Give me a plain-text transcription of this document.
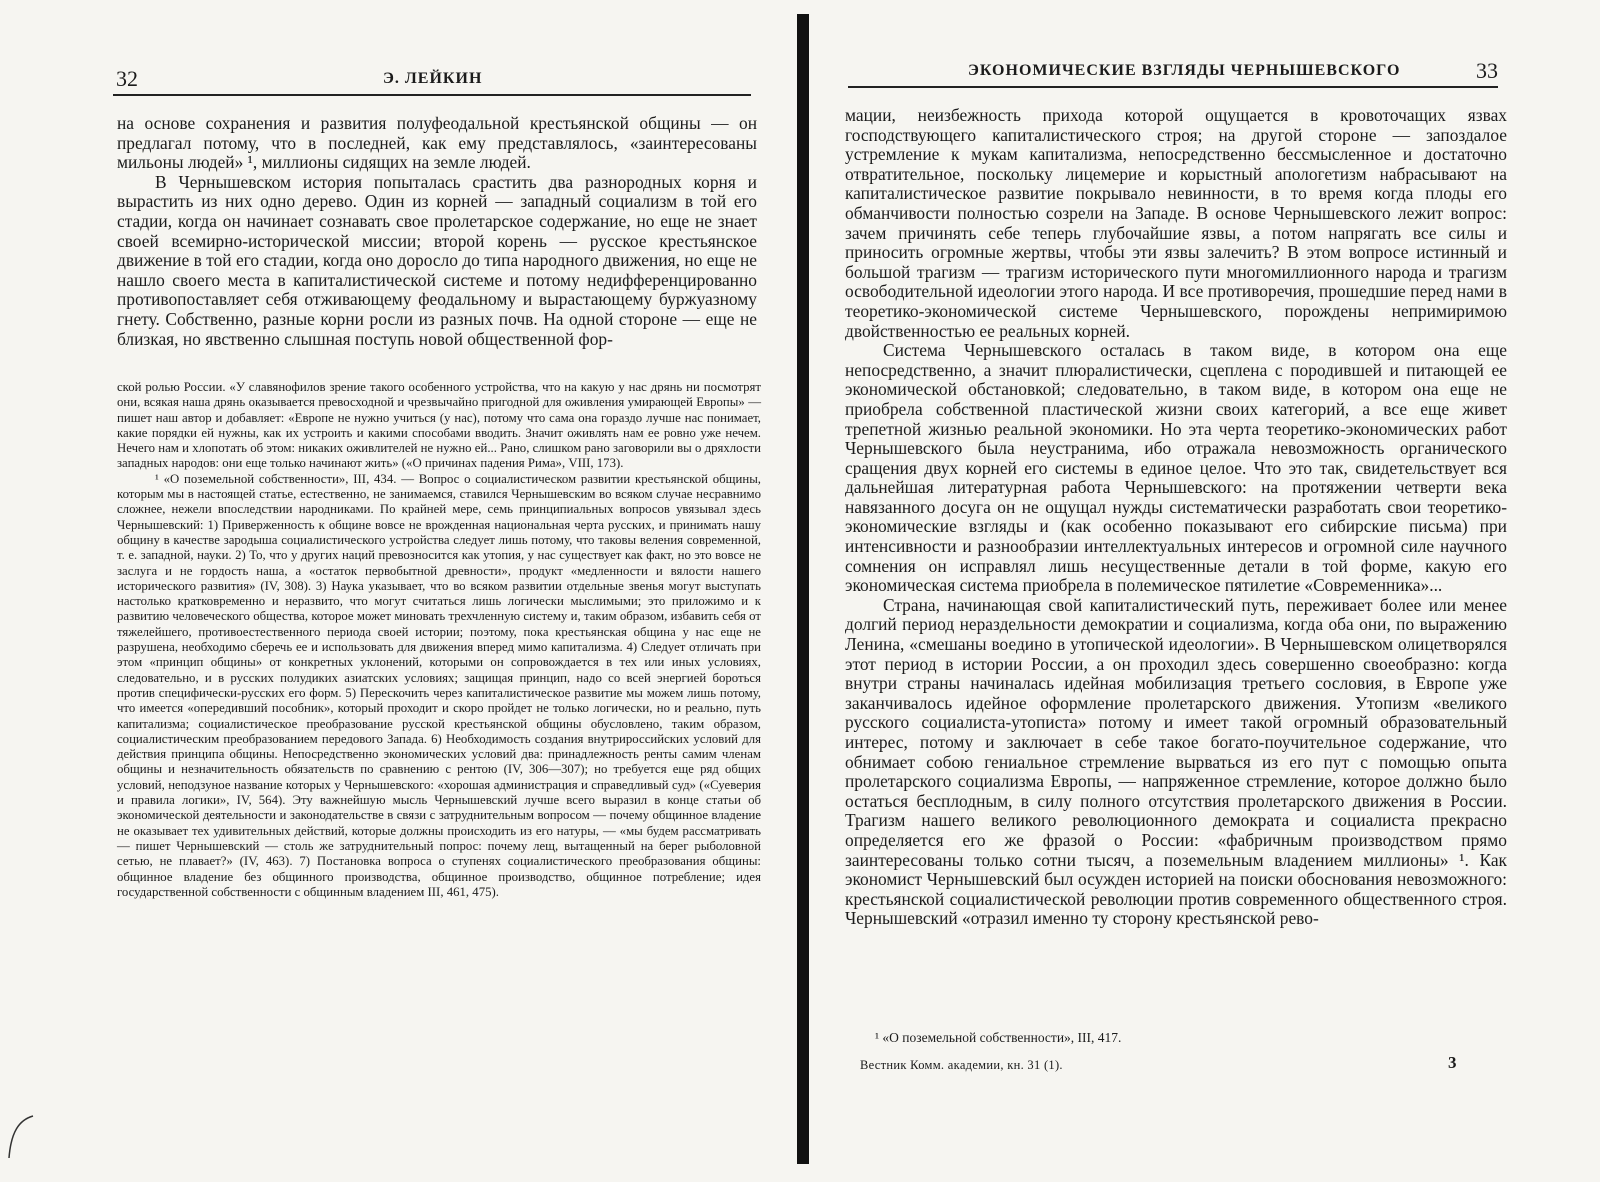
32	Э. ЛЕЙКИН

на основе сохранения и развития полуфеодальной крестьянской общины — он предлагал потому, что в последней, как ему представлялось, «заинтересованы мильоны людей» ¹, миллионы сидящих на земле людей.

В Чернышевском история попыталась срастить два разнородных корня и вырастить из них одно дерево. Один из корней — западный социализм в той его стадии, когда он начинает сознавать свое пролетарское содержание, но еще не знает своей всемирно-исторической миссии; второй корень — русское крестьянское движение в той его стадии, когда оно доросло до типа народного движения, но еще не нашло своего места в капиталистической системе и потому недифференцированно противопоставляет себя отживающему феодальному и вырастающему буржуазному гнету. Собственно, разные корни росли из разных почв. На одной стороне — еще не близкая, но явственно слышная поступь новой общественной фор-

ской ролью России. «У славянофилов зрение такого особенного устройства, что на какую у нас дрянь ни посмотрят они, всякая наша дрянь оказывается превосходной и чрезвычайно пригодной для оживления умирающей Европы» — пишет наш автор и добавляет: «Европе не нужно учиться (у нас), потому что сама она гораздо лучше нас понимает, какие порядки ей нужны, как их устроить и какими способами вводить. Значит оживлять нам ее ровно уже нечем. Нечего нам и хлопотать об этом: никаких оживлителей не нужно ей... Рано, слишком рано заговорили вы о дряхлости западных народов: они еще только начинают жить» («О причинах падения Рима», VIII, 173).

¹ «О поземельной собственности», III, 434. — Вопрос о социалистическом развитии крестьянской общины, которым мы в настоящей статье, естественно, не занимаемся, ставился Чернышевским во всяком случае несравнимо сложнее, нежели впоследствии народниками. По крайней мере, семь принципиальных вопросов увязывал здесь Чернышевский: 1) Приверженность к общине вовсе не врожденная национальная черта русских, и принимать нашу общину в качестве зародыша социалистического устройства следует лишь потому, что таковы веления современной, т. е. западной, науки. 2) То, что у других наций превозносится как утопия, у нас существует как факт, но это вовсе не заслуга и не гордость наша, а «остаток первобытной древности», продукт «медленности и вялости нашего исторического развития» (IV, 308). 3) Наука указывает, что во всяком развитии отдельные звенья могут выступать настолько кратковременно и неразвито, что могут считаться лишь логически мыслимыми; это приложимо и к развитию человеческого общества, которое может миновать трехчленную систему и, таким образом, избавить себя от тяжелейшего, противоестественного периода своей истории; поэтому, пока крестьянская община у нас еще не разрушена, необходимо сберечь ее и использовать для движения вперед мимо капитализма. 4) Следует отличать при этом «принцип общины» от конкретных уклонений, которыми он сопровождается в тех или иных условиях, следовательно, и в русских полудиких азиатских условиях; защищая принцип, надо со всей энергией бороться против специфически-русских его форм. 5) Перескочить через капиталистическое развитие мы можем лишь потому, что имеется «опередивший пособник», который проходит и скоро пройдет не только логически, но и реально, путь капитализма; социалистическое преобразование русской крестьянской общины обусловлено, таким образом, социалистическим преобразованием передового Запада. 6) Необходимость создания внутрироссийских условий для действия принципа общины. Непосредственно экономических условий два: принадлежность ренты самим членам общины и незначительность обязательств по сравнению с рентою (IV, 306—307); но требуется еще ряд общих условий, неподзуное название которых у Чернышевского: «хорошая администрация и справедливый суд» («Суеверия и правила логики», IV, 564). Эту важнейшую мысль Чернышевский лучше всего выразил в конце статьи об экономической деятельности и законодательстве в связи с затруднительным вопросом — почему общинное владение не оказывает тех удивительных действий, которые должны происходить из его натуры, — «мы будем рассматривать — пишет Чернышевский — столь же затруднительный попрос: почему лещ, вытащенный на берег рыболовной сетью, не плавает?» (IV, 463). 7) Постановка вопроса о ступенях социалистического преобразования общины: общинное владение без общинного производства, общинное производство, общинное потребление; идея государственной собственности с общинным владением III, 461, 475).

ЭКОНОМИЧЕСКИЕ ВЗГЛЯДЫ ЧЕРНЫШЕВСКОГО	33

мации, неизбежность прихода которой ощущается в кровоточащих язвах господствующего капиталистического строя; на другой стороне — запоздалое устремление к мукам капитализма, непосредственно бессмысленное и достаточно отвратительное, поскольку лицемерие и корыстный апологетизм набрасывают на капиталистическое развитие покрывало невинности, в то время когда плоды его обманчивости полностью созрели на Западе. В основе Чернышевского лежит вопрос: зачем причинять себе теперь глубочайшие язвы, а потом напрягать все силы и приносить огромные жертвы, чтобы эти язвы залечить? В этом вопросе истинный и большой трагизм — трагизм исторического пути многомиллионного народа и трагизм освободительной идеологии этого народа. И все противоречия, прошедшие перед нами в теоретико-экономической системе Чернышевского, порождены непримиримою двойственностью ее реальных корней.

Система Чернышевского осталась в таком виде, в котором она еще непосредственно, а значит плюралистически, сцеплена с породившей и питающей ее экономической обстановкой; следовательно, в таком виде, в котором она еще не приобрела собственной пластической жизни своих категорий, а все еще живет трепетной жизнью реальной экономики. Но эта черта теоретико-экономических работ Чернышевского была неустранима, ибо отражала невозможность органического сращения двух корней его системы в единое целое. Что это так, свидетельствует вся дальнейшая литературная работа Чернышевского: на протяжении четверти века навязанного досуга он не ощущал нужды систематически разработать свои теоретико-экономические взгляды и (как особенно показывают его сибирские письма) при интенсивности и разнообразии интеллектуальных интересов и огромной силе научного сомнения он исправлял лишь несущественные детали в той форме, какую его экономическая система приобрела в полемическое пятилетие «Современника»...

Страна, начинающая свой капиталистический путь, переживает более или менее долгий период нераздельности демократии и социализма, когда оба они, по выражению Ленина, «смешаны воедино в утопической идеологии». В Чернышевском олицетворялся этот период в истории России, а он проходил здесь совершенно своеобразно: когда внутри страны начиналась идейная мобилизация третьего сословия, в Европе уже заканчивалось идейное оформление пролетарского движения. Утопизм «великого русского социалиста-утописта» потому и имеет такой огромный образовательный интерес, потому и заключает в себе такое богато-поучительное содержание, что обнимает собою гениальное стремление вырваться из его пут с помощью опыта пролетарского социализма Европы, — напряженное стремление, которое должно было остаться бесплодным, в силу полного отсутствия пролетарского движения в России. Трагизм нашего великого революционного демократа и социалиста прекрасно определяется его же фразой о России: «фабричным производством прямо заинтересованы только сотни тысяч, а поземельным владением миллионы» ¹. Как экономист Чернышевский был осужден историей на поиски обоснования невозможного: крестьянской социалистической революции против современного общественного строя. Чернышевский «отразил именно ту сторону крестьянской рево-

¹ «О поземельной собственности», III, 417.
Вестник Комм. академии, кн. 31 (1).	3
